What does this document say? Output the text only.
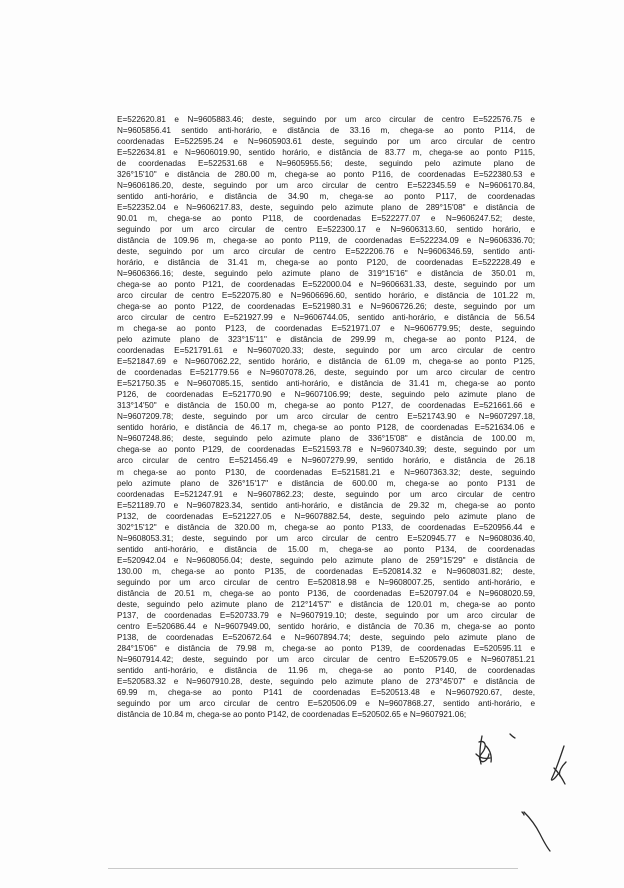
E=522620.81 e N=9605883.46; deste, seguindo por um arco circular de centro E=522576.75 e
N=9605856.41 sentido anti-horário, e distância de 33.16 m, chega-se ao ponto P114, de
coordenadas E=522595.24 e N=9605903.61 deste, seguindo por um arco circular de centro
E=522634.81 e N=9606019.90, sentido horário, e distância de 83.77 m, chega-se ao ponto P115,
de coordenadas E=522531.68 e N=9605955.56; deste, seguindo pelo azimute plano de
326°15'10" e distância de 280.00 m, chega-se ao ponto P116, de coordenadas E=522380.53 e
N=9606186.20, deste, seguindo por um arco circular de centro E=522345.59 e N=9606170.84,
sentido anti-horário, e distância de 34.90 m, chega-se ao ponto P117, de coordenadas
E=522352.04 e N=9606217.83, deste, seguindo pelo azimute plano de 289°15'08" e distância de
90.01 m, chega-se ao ponto P118, de coordenadas E=522277.07 e N=9606247.52; deste,
seguindo por um arco circular de centro E=522300.17 e N=9606313.60, sentido horário, e
distância de 109.96 m, chega-se ao ponto P119, de coordenadas E=522234.09 e N=9606336.70;
deste, seguindo por um arco circular de centro E=522206.76 e N=9606346.59, sentido anti-
horário, e distância de 31.41 m, chega-se ao ponto P120, de coordenadas E=522228.49 e
N=9606366.16; deste, seguindo pelo azimute plano de 319°15'16" e distância de 350.01 m,
chega-se ao ponto P121, de coordenadas E=522000.04 e N=9606631.33, deste, seguindo por um
arco circular de centro E=522075.80 e N=9606696.60, sentido horário, e distância de 101.22 m,
chega-se ao ponto P122, de coordenadas E=521980.31 e N=9606726.26; deste, seguindo por um
arco circular de centro E=521927.99 e N=9606744.05, sentido anti-horário, e distância de 56.54
m chega-se ao ponto P123, de coordenadas E=521971.07 e N=9606779.95; deste, seguindo
pelo azimute plano de 323°15'11" e distância de 299.99 m, chega-se ao ponto P124, de
coordenadas E=521791.61 e N=9607020.33; deste, seguindo por um arco circular de centro
E=521847.69 e N=9607062.22, sentido horário, e distância de 61.09 m, chega-se ao ponto P125,
de coordenadas E=521779.56 e N=9607078.26, deste, seguindo por um arco circular de centro
E=521750.35 e N=9607085.15, sentido anti-horário, e distância de 31.41 m, chega-se ao ponto
P126, de coordenadas E=521770.90 e N=9607106.99; deste, seguindo pelo azimute plano de
313°14'50" e distância de 150.00 m, chega-se ao ponto P127, de coordenadas E=521661.66 e
N=9607209.78; deste, seguindo por um arco circular de centro E=521743.90 e N=9607297.18,
sentido horário, e distância de 46.17 m, chega-se ao ponto P128, de coordenadas E=521634.06 e
N=9607248.86; deste, seguindo pelo azimute plano de 336°15'08" e distância de 100.00 m,
chega-se ao ponto P129, de coordenadas E=521593.78 e N=9607340.39; deste, seguindo por um
arco circular de centro E=521456.49 e N=9607279.99, sentido horário, e distância de 26.18
m chega-se ao ponto P130, de coordenadas E=521581.21 e N=9607363.32; deste, seguindo
pelo azimute plano de 326°15'17" e distância de 600.00 m, chega-se ao ponto P131 de
coordenadas E=521247.91 e N=9607862.23; deste, seguindo por um arco circular de centro
E=521189.70 e N=9607823.34, sentido anti-horário, e distância de 29.32 m, chega-se ao ponto
P132, de coordenadas E=521227.05 e N=9607882.54, deste, seguindo pelo azimute plano de
302°15'12" e distância de 320.00 m, chega-se ao ponto P133, de coordenadas E=520956.44 e
N=9608053.31; deste, seguindo por um arco circular de centro E=520945.77 e N=9608036.40,
sentido anti-horário, e distância de 15.00 m, chega-se ao ponto P134, de coordenadas
E=520942.04 e N=9608056.04; deste, seguindo pelo azimute plano de 259°15'29" e distância de
130.00 m, chega-se ao ponto P135, de coordenadas E=520814.32 e N=9608031.82; deste,
seguindo por um arco circular de centro E=520818.98 e N=9608007.25, sentido anti-horário, e
distância de 20.51 m, chega-se ao ponto P136, de coordenadas E=520797.04 e N=9608020.59,
deste, seguindo pelo azimute plano de 212°14'57" e distância de 120.01 m, chega-se ao ponto
P137, de coordenadas E=520733.79 e N=9607919.10; deste, seguindo por um arco circular de
centro E=520686.44 e N=9607949.00, sentido horário, e distância de 70.36 m, chega-se ao ponto
P138, de coordenadas E=520672.64 e N=9607894.74; deste, seguindo pelo azimute plano de
284°15'06" e distância de 79.98 m, chega-se ao ponto P139, de coordenadas E=520595.11 e
N=9607914.42; deste, seguindo por um arco circular de centro E=520579.05 e N=9607851.21
sentido anti-horário, e distância de 11.96 m, chega-se ao ponto P140, de coordenadas
E=520583.32 e N=9607910.28, deste, seguindo pelo azimute plano de 273°45'07" e distância de
69.99 m, chega-se ao ponto P141 de coordenadas E=520513.48 e N=9607920.67, deste,
seguindo por um arco circular de centro E=520506.09 e N=9607868.27, sentido anti-horário, e
distância de 10.84 m, chega-se ao ponto P142, de coordenadas E=520502.65 e N=9607921.06;
